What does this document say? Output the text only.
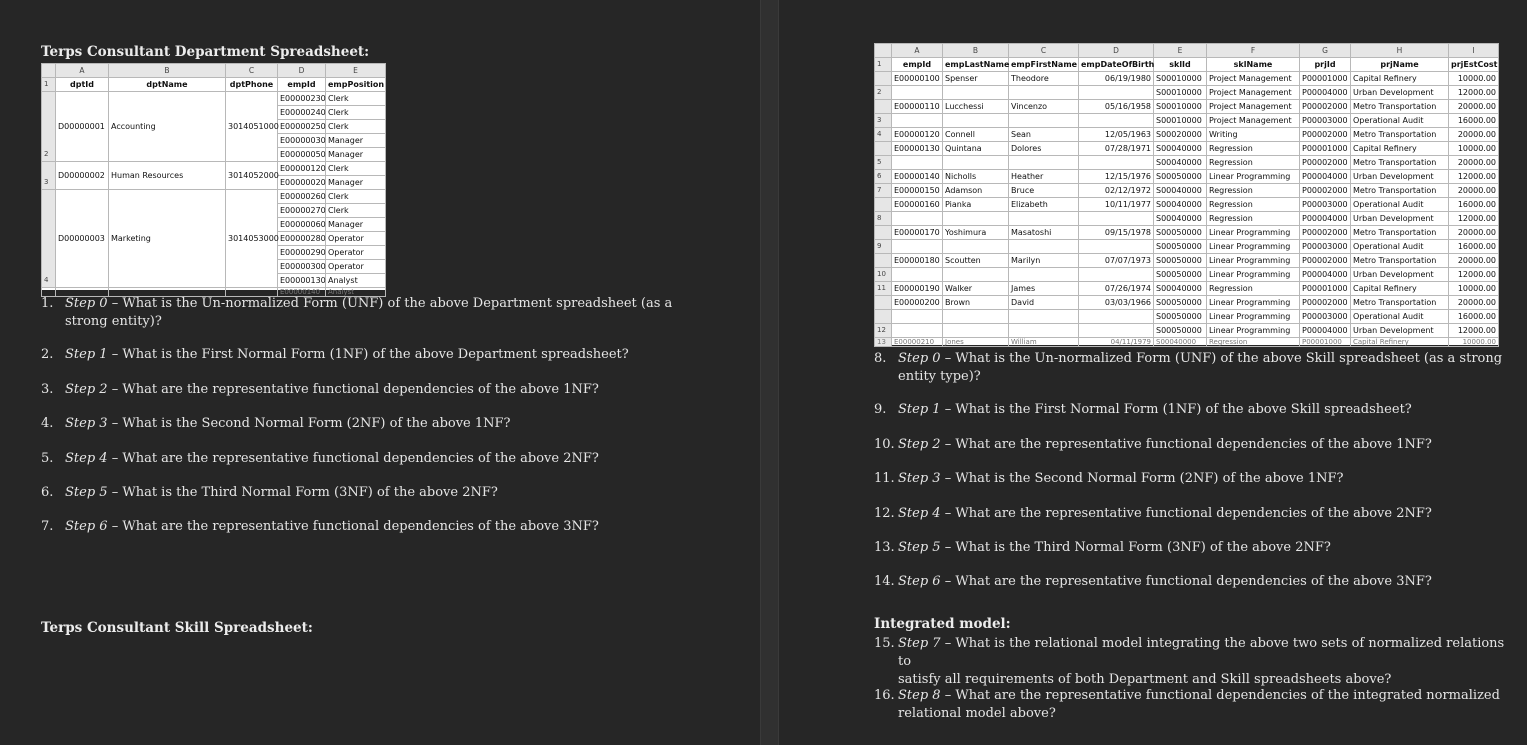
Terps Consultant Department Spreadsheet:
	A	B	C	D	E
1	dptId	dptName	dptPhone	empId	empPosition
2	D00000001	Accounting	3014051000	E00000230	Clerk
				E00000240	Clerk
				E00000250	Clerk
				E00000030	Manager
				E00000050	Manager
3	D00000002	Human Resources	3014052000	E00000120	Clerk
				E00000020	Manager
4	D00000003	Marketing	3014053000	E00000260	Clerk
				E00000270	Clerk
				E00000060	Manager
				E00000280	Operator
				E00000290	Operator
				E00000300	Operator
				E00000130	Analyst
				E00000140	Analyst
1. Step 0 – What is the Un-normalized Form (UNF) of the above Department spreadsheet (as a
strong entity)?
2. Step 1 – What is the First Normal Form (1NF) of the above Department spreadsheet?
3. Step 2 – What are the representative functional dependencies of the above 1NF?
4. Step 3 – What is the Second Normal Form (2NF) of the above 1NF?
5. Step 4 – What are the representative functional dependencies of the above 2NF?
6. Step 5 – What is the Third Normal Form (3NF) of the above 2NF?
7. Step 6 – What are the representative functional dependencies of the above 3NF?
Terps Consultant Skill Spreadsheet:
	A	B	C	D	E	F	G	H	I
1	empId	empLastName	empFirstName	empDateOfBirth	sklId	sklName	prjId	prjName	prjEstCost
	E00000100	Spenser	Theodore	06/19/1980	S00010000	Project Management	P00001000	Capital Refinery	10000.00
2					S00010000	Project Management	P00004000	Urban Development	12000.00
	E00000110	Lucchessi	Vincenzo	05/16/1958	S00010000	Project Management	P00002000	Metro Transportation	20000.00
3					S00010000	Project Management	P00003000	Operational Audit	16000.00
4	E00000120	Connell	Sean	12/05/1963	S00020000	Writing	P00002000	Metro Transportation	20000.00
	E00000130	Quintana	Dolores	07/28/1971	S00040000	Regression	P00001000	Capital Refinery	10000.00
5					S00040000	Regression	P00002000	Metro Transportation	20000.00
6	E00000140	Nicholls	Heather	12/15/1976	S00050000	Linear Programming	P00004000	Urban Development	12000.00
7	E00000150	Adamson	Bruce	02/12/1972	S00040000	Regression	P00002000	Metro Transportation	20000.00
	E00000160	Pianka	Elizabeth	10/11/1977	S00040000	Regression	P00003000	Operational Audit	16000.00
8					S00040000	Regression	P00004000	Urban Development	12000.00
	E00000170	Yoshimura	Masatoshi	09/15/1978	S00050000	Linear Programming	P00002000	Metro Transportation	20000.00
9					S00050000	Linear Programming	P00003000	Operational Audit	16000.00
	E00000180	Scoutten	Marilyn	07/07/1973	S00050000	Linear Programming	P00002000	Metro Transportation	20000.00
10					S00050000	Linear Programming	P00004000	Urban Development	12000.00
11	E00000190	Walker	James	07/26/1974	S00040000	Regression	P00001000	Capital Refinery	10000.00
	E00000200	Brown	David	03/03/1966	S00050000	Linear Programming	P00002000	Metro Transportation	20000.00
					S00050000	Linear Programming	P00003000	Operational Audit	16000.00
12					S00050000	Linear Programming	P00004000	Urban Development	12000.00
13	E00000210	Jones	William	04/11/1979	S00040000	Regression	P00001000	Capital Refinery	10000.00
8. Step 0 – What is the Un-normalized Form (UNF) of the above Skill spreadsheet (as a strong
entity type)?
9. Step 1 – What is the First Normal Form (1NF) of the above Skill spreadsheet?
10. Step 2 – What are the representative functional dependencies of the above 1NF?
11. Step 3 – What is the Second Normal Form (2NF) of the above 1NF?
12. Step 4 – What are the representative functional dependencies of the above 2NF?
13. Step 5 – What is the Third Normal Form (3NF) of the above 2NF?
14. Step 6 – What are the representative functional dependencies of the above 3NF?
Integrated model:
15. Step 7 – What is the relational model integrating the above two sets of normalized relations to
satisfy all requirements of both Department and Skill spreadsheets above?
16. Step 8 – What are the representative functional dependencies of the integrated normalized
relational model above?
